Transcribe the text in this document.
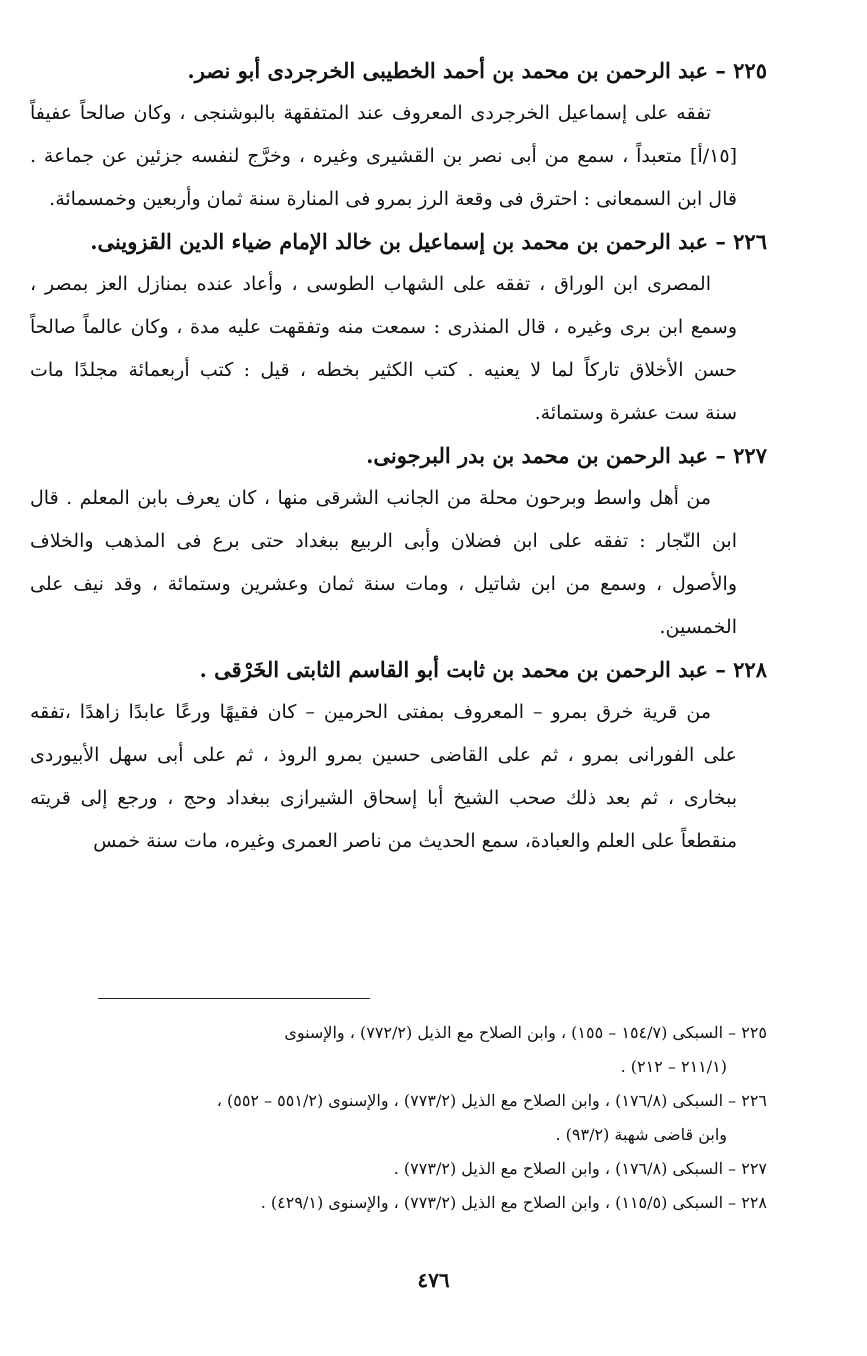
٢٢٥ – عبد الرحمن بن محمد بن أحمد الخطيبى الخرجردى أبو نصر.
تفقه على إسماعيل الخرجردى المعروف عند المتفقهة بالبوشنجى ، وكان صالحاً عفيفاً
[١٥/أ] متعبداً ، سمع من أبى نصر بن القشيرى وغيره ، وخرَّج لنفسه جزئين عن جماعة .
قال ابن السمعانى : احترق فى وقعة الرز بمرو فى المنارة سنة ثمان وأربعين وخمسمائة.
٢٢٦ – عبد الرحمن بن محمد بن إسماعيل بن خالد الإمام ضياء الدين القزوينى.
المصرى ابن الوراق ، تفقه على الشهاب الطوسى ، وأعاد عنده بمنازل العز بمصر ،
وسمع ابن برى وغيره ، قال المنذرى : سمعت منه وتفقهت عليه مدة ، وكان عالماً صالحاً
حسن الأخلاق تاركاً لما لا يعنيه . كتب الكثير بخطه ، قيل : كتب أربعمائة مجلدًا مات
سنة ست عشرة وستمائة.
٢٢٧ – عبد الرحمن بن محمد بن بدر البرجونى.
من أهل واسط وبرحون محلة من الجانب الشرقى منها ، كان يعرف بابن المعلم . قال
ابن النّجار : تفقه على ابن فضلان وأبى الربيع ببغداد حتى برع فى المذهب والخلاف
والأصول ، وسمع من ابن شاتيل ، ومات سنة ثمان وعشرين وستمائة ، وقد نيف على
الخمسين.
٢٢٨ – عبد الرحمن بن محمد بن ثابت أبو القاسم الثابتى الخَرْقى .
من قرية خرق بمرو – المعروف بمفتى الحرمين – كان فقيهًا ورعًا عابدًا زاهدًا ،تفقه
على الفورانى بمرو ، ثم على القاضى حسين بمرو الروذ ، ثم على أبى سهل الأبيوردى
ببخارى ، ثم بعد ذلك صحب الشيخ أبا إسحاق الشيرازى ببغداد وحج ، ورجع إلى قريته
منقطعاً على العلم والعبادة، سمع الحديث من ناصر العمرى وغيره، مات سنة خمس
٢٢٥ – السبكى (١٥٤/٧ – ١٥٥) ، وابن الصلاح مع الذيل (٧٧٢/٢) ، والإسنوى
(٢١١/١ – ٢١٢) .
٢٢٦ – السبكى (١٧٦/٨) ، وابن الصلاح مع الذيل (٧٧٣/٢) ، والإسنوى (٥٥١/٢ – ٥٥٢) ،
وابن قاضى شهبة (٩٣/٢) .
٢٢٧ – السبكى (١٧٦/٨) ، وابن الصلاح مع الذيل (٧٧٣/٢) .
٢٢٨ – السبكى (١١٥/٥) ، وابن الصلاح مع الذيل (٧٧٣/٢) ، والإسنوى (٤٢٩/١) .
٤٧٦
